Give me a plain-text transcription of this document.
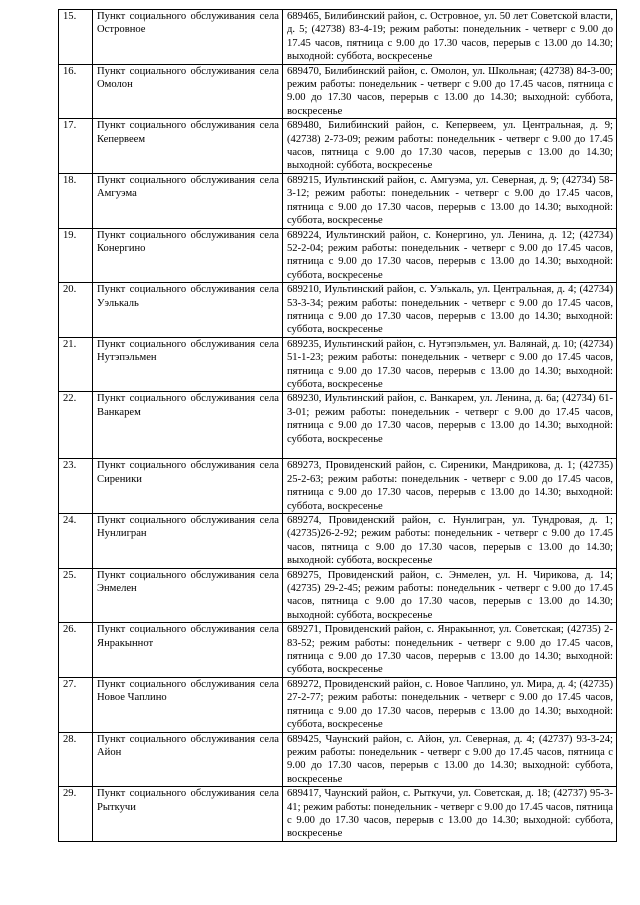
15.	Пункт социального обслуживания села Островное	689465, Билибинский район, с. Островное, ул. 50 лет Советской власти, д. 5; (42738) 83-4-19; режим работы: понедельник - четверг с 9.00 до 17.45 часов, пятница с 9.00 до 17.30 часов, перерыв с 13.00 до 14.30; выходной: суббота, воскресенье
16.	Пункт социального обслуживания села Омолон	689470, Билибинский район, с. Омолон, ул. Школьная; (42738) 84-3-00; режим работы: понедельник - четверг с 9.00 до 17.45 часов, пятница с 9.00 до 17.30 часов, перерыв с 13.00 до 14.30; выходной: суббота, воскресенье
17.	Пункт социального обслуживания села Кепервеем	689480, Билибинский район, с. Кепервеем, ул. Центральная, д. 9; (42738) 2-73-09; режим работы: понедельник - четверг с 9.00 до 17.45 часов, пятница с 9.00 до 17.30 часов, перерыв с 13.00 до 14.30; выходной: суббота, воскресенье
18.	Пункт социального обслуживания села Амгуэма	689215, Иультинский район, с. Амгуэма, ул. Северная, д. 9; (42734) 58-3-12; режим работы: понедельник - четверг с 9.00 до 17.45 часов, пятница с 9.00 до 17.30 часов, перерыв с 13.00 до 14.30; выходной: суббота, воскресенье
19.	Пункт социального обслуживания села Конергино	689224, Иультинский район, с. Конергино, ул. Ленина, д. 12; (42734) 52-2-04; режим работы: понедельник - четверг с 9.00 до 17.45 часов, пятница с 9.00 до 17.30 часов, перерыв с 13.00 до 14.30; выходной: суббота, воскресенье
20.	Пункт социального обслуживания села Уэлькаль	689210, Иультинский район, с. Уэлькаль, ул. Центральная, д. 4; (42734) 53-3-34; режим работы: понедельник - четверг с 9.00 до 17.45 часов, пятница с 9.00 до 17.30 часов, перерыв с 13.00 до 14.30; выходной: суббота, воскресенье
21.	Пункт социального обслуживания села Нутэпэльмен	689235, Иультинский район, с. Нутэпэльмен, ул. Валянай, д. 10; (42734) 51-1-23; режим работы: понедельник - четверг с 9.00 до 17.45 часов, пятница с 9.00 до 17.30 часов, перерыв с 13.00 до 14.30; выходной: суббота, воскресенье
22.	Пункт социального обслуживания села Ванкарем	689230, Иультинский район, с. Ванкарем, ул. Ленина, д. 6а; (42734) 61-3-01; режим работы: понедельник - четверг с 9.00 до 17.45 часов, пятница с 9.00 до 17.30 часов, перерыв с 13.00 до 14.30; выходной: суббота, воскресенье
23.	Пункт социального обслуживания села Сиреники	689273, Провиденский район, с. Сиреники, Мандрикова, д. 1; (42735) 25-2-63; режим работы: понедельник - четверг с 9.00 до 17.45 часов, пятница с 9.00 до 17.30 часов, перерыв с 13.00 до 14.30; выходной: суббота, воскресенье
24.	Пункт социального обслуживания села Нунлигран	689274, Провиденский район, с. Нунлигран, ул. Тундровая, д. 1; (42735)26-2-92; режим работы: понедельник - четверг с 9.00 до 17.45 часов, пятница с 9.00 до 17.30 часов, перерыв с 13.00 до 14.30; выходной: суббота, воскресенье
25.	Пункт социального обслуживания села Энмелен	689275, Провиденский район, с. Энмелен, ул. Н. Чирикова, д. 14; (42735) 29-2-45; режим работы: понедельник - четверг с 9.00 до 17.45 часов, пятница с 9.00 до 17.30 часов, перерыв с 13.00 до 14.30; выходной: суббота, воскресенье
26.	Пункт социального обслуживания села Янракыннот	689271, Провиденский район, с. Янракыннот, ул. Советская; (42735) 2-83-52; режим работы: понедельник - четверг с 9.00 до 17.45 часов, пятница с 9.00 до 17.30 часов, перерыв с 13.00 до 14.30; выходной: суббота, воскресенье
27.	Пункт социального обслуживания села Новое Чаплино	689272, Провиденский район, с. Новое Чаплино, ул. Мира, д. 4; (42735) 27-2-77; режим работы: понедельник - четверг с 9.00 до 17.45 часов, пятница с 9.00 до 17.30 часов, перерыв с 13.00 до 14.30; выходной: суббота, воскресенье
28.	Пункт социального обслуживания села Айон	689425, Чаунский район, с. Айон, ул. Северная, д. 4; (42737) 93-3-24; режим работы: понедельник - четверг с 9.00 до 17.45 часов, пятница с 9.00 до 17.30 часов, перерыв с 13.00 до 14.30; выходной: суббота, воскресенье
29.	Пункт социального обслуживания села Рыткучи	689417, Чаунский район, с. Рыткучи, ул. Советская, д. 18; (42737) 95-3-41; режим работы: понедельник - четверг с 9.00 до 17.45 часов, пятница с 9.00 до 17.30 часов, перерыв с 13.00 до 14.30; выходной: суббота, воскресенье
